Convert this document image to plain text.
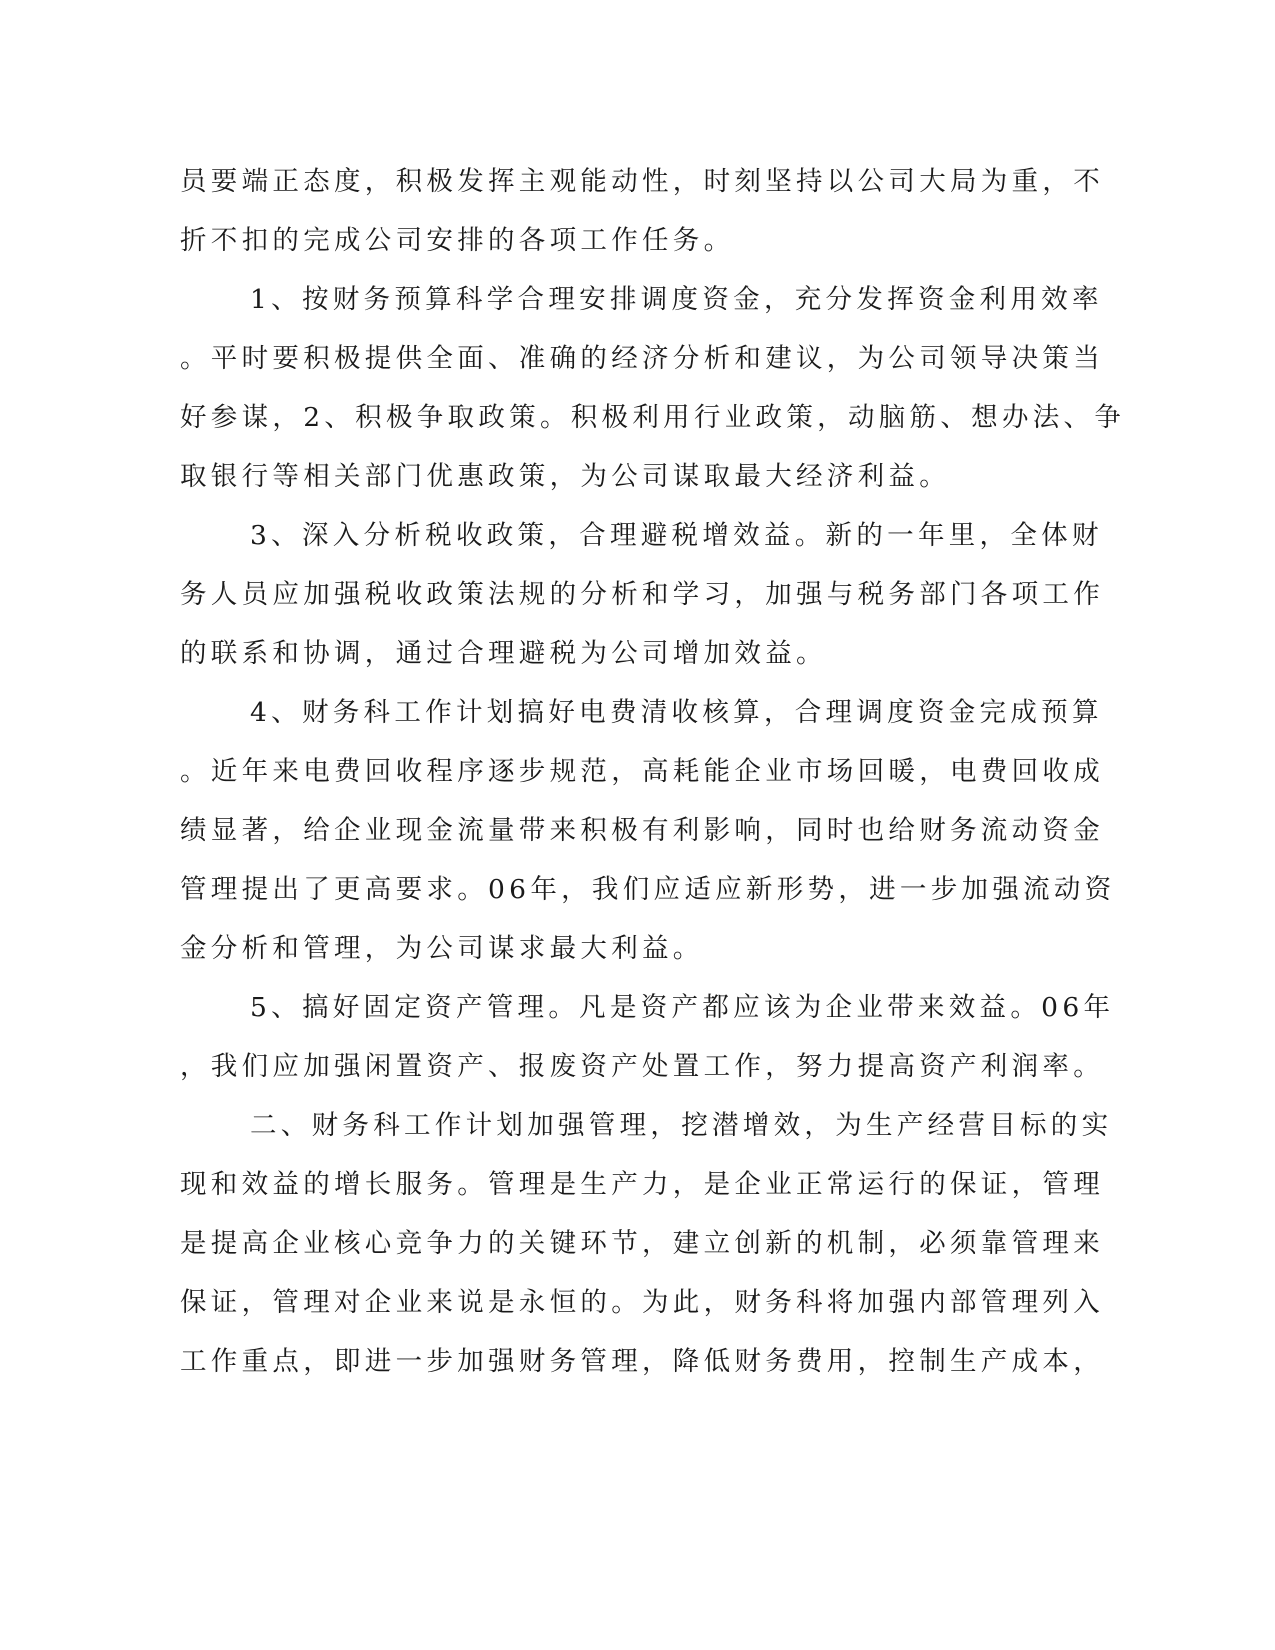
员要端正态度，积极发挥主观能动性，时刻坚持以公司大局为重，不
折不扣的完成公司安排的各项工作任务。
1、按财务预算科学合理安排调度资金，充分发挥资金利用效率
。平时要积极提供全面、准确的经济分析和建议，为公司领导决策当
好参谋，2、积极争取政策。积极利用行业政策，动脑筋、想办法、争
取银行等相关部门优惠政策，为公司谋取最大经济利益。
3、深入分析税收政策，合理避税增效益。新的一年里，全体财
务人员应加强税收政策法规的分析和学习，加强与税务部门各项工作
的联系和协调，通过合理避税为公司增加效益。
4、财务科工作计划搞好电费清收核算，合理调度资金完成预算
。近年来电费回收程序逐步规范，高耗能企业市场回暖，电费回收成
绩显著，给企业现金流量带来积极有利影响，同时也给财务流动资金
管理提出了更高要求。06年，我们应适应新形势，进一步加强流动资
金分析和管理，为公司谋求最大利益。
5、搞好固定资产管理。凡是资产都应该为企业带来效益。06年
，我们应加强闲置资产、报废资产处置工作，努力提高资产利润率。
二、财务科工作计划加强管理，挖潜增效，为生产经营目标的实
现和效益的增长服务。管理是生产力，是企业正常运行的保证，管理
是提高企业核心竞争力的关键环节，建立创新的机制，必须靠管理来
保证，管理对企业来说是永恒的。为此，财务科将加强内部管理列入
工作重点，即进一步加强财务管理，降低财务费用，控制生产成本，
